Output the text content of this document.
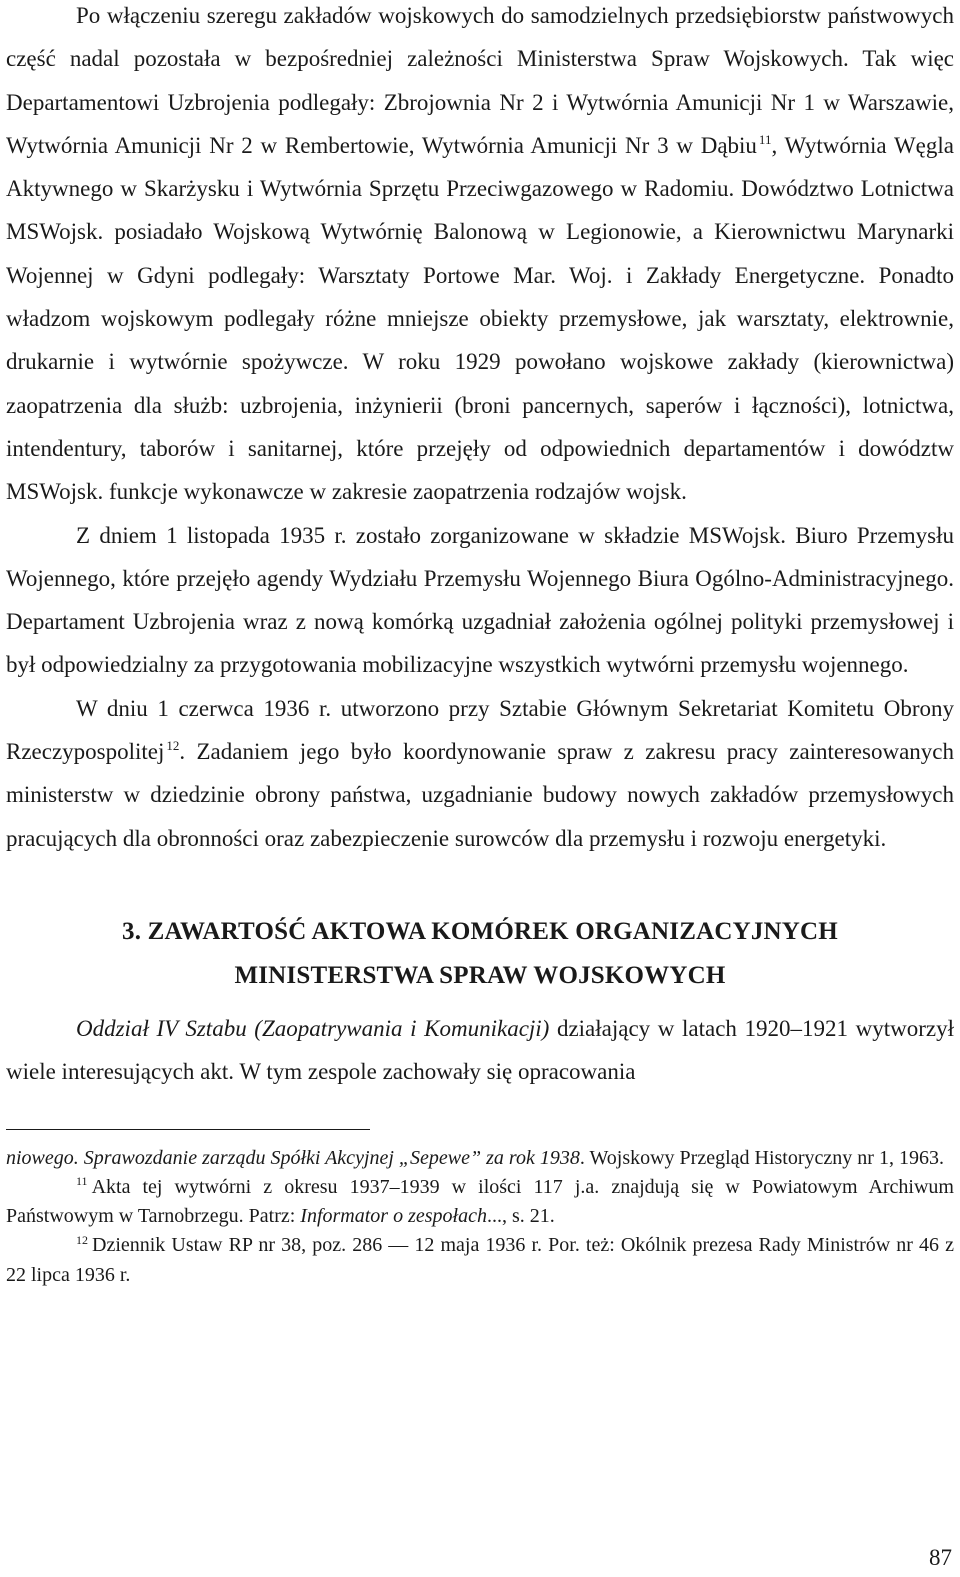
Po włączeniu szeregu zakładów wojskowych do samodzielnych przedsiębiorstw państwowych część nadal pozostała w bezpośredniej zależności Ministerstwa Spraw Wojskowych. Tak więc Departamentowi Uzbrojenia podlegały: Zbrojownia Nr 2 i Wytwórnia Amunicji Nr 1 w Warszawie, Wytwórnia Amunicji Nr 2 w Rembertowie, Wytwórnia Amunicji Nr 3 w Dąbiu $^{11}$, Wytwórnia Węgla Aktywnego w Skarżysku i Wytwórnia Sprzętu Przeciwgazowego w Radomiu. Dowództwo Lotnictwa MSWojsk. posiadało Wojskową Wytwórnię Balonową w Legionowie, a Kierownictwu Marynarki Wojennej w Gdyni podlegały: Warsztaty Portowe Mar. Woj. i Zakłady Energetyczne. Ponadto władzom wojskowym podlegały różne mniejsze obiekty przemysłowe, jak warsztaty, elektrownie, drukarnie i wytwórnie spożywcze. W roku 1929 powołano wojskowe zakłady (kierownictwa) zaopatrzenia dla służb: uzbrojenia, inżynierii (broni pancernych, saperów i łączności), lotnictwa, intendentury, taborów i sanitarnej, które przejęły od odpowiednich departamentów i dowództw MSWojsk. funkcje wykonawcze w zakresie zaopatrzenia rodzajów wojsk.

Z dniem 1 listopada 1935 r. zostało zorganizowane w składzie MSWojsk. Biuro Przemysłu Wojennego, które przejęło agendy Wydziału Przemysłu Wojennego Biura Ogólno-Administracyjnego. Departament Uzbrojenia wraz z nową komórką uzgadniał założenia ogólnej polityki przemysłowej i był odpowiedzialny za przygotowania mobilizacyjne wszystkich wytwórni przemysłu wojennego.

W dniu 1 czerwca 1936 r. utworzono przy Sztabie Głównym Sekretariat Komitetu Obrony Rzeczypospolitej $^{12}$. Zadaniem jego było koordynowanie spraw z zakresu pracy zainteresowanych ministerstw w dziedzinie obrony państwa, uzgadnianie budowy nowych zakładów przemysłowych pracujących dla obronności oraz zabezpieczenie surowców dla przemysłu i rozwoju energetyki.

3. ZAWARTOŚĆ AKTOWA KOMÓREK ORGANIZACYJNYCH
MINISTERSTWA SPRAW WOJSKOWYCH

Oddział IV Sztabu (Zaopatrywania i Komunikacji) działający w latach 1920–1921 wytworzył wiele interesujących akt. W tym zespole zachowały się opracowania

niowego. Sprawozdanie zarządu Spółki Akcyjnej „Sepewe” za rok 1938. Wojskowy Przegląd Historyczny nr 1, 1963.

$^{11}$ Akta tej wytwórni z okresu 1937–1939 w ilości 117 j.a. znajdują się w Powiatowym Archiwum Państwowym w Tarnobrzegu. Patrz: Informator o zespołach..., s. 21.

$^{12}$ Dziennik Ustaw RP nr 38, poz. 286 — 12 maja 1936 r. Por. też: Okólnik prezesa Rady Ministrów nr 46 z 22 lipca 1936 r.

87
